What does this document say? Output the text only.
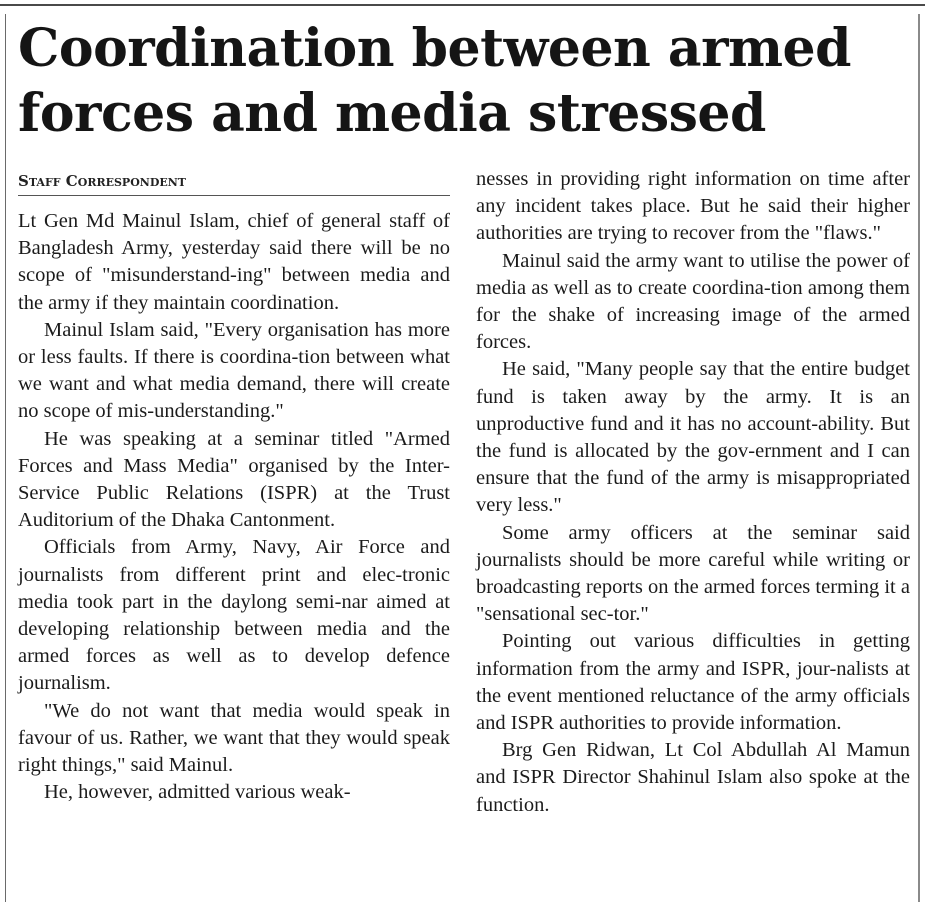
Coordination between armed forces and media stressed
Staff Correspondent

Lt Gen Md Mainul Islam, chief of general staff of Bangladesh Army, yesterday said there will be no scope of "misunderstand-ing" between media and the army if they maintain coordination.

Mainul Islam said, "Every organisation has more or less faults. If there is coordina-tion between what we want and what media demand, there will create no scope of mis-understanding."

He was speaking at a seminar titled "Armed Forces and Mass Media" organised by the Inter-Service Public Relations (ISPR) at the Trust Auditorium of the Dhaka Cantonment.

Officials from Army, Navy, Air Force and journalists from different print and elec-tronic media took part in the daylong semi-nar aimed at developing relationship between media and the armed forces as well as to develop defence journalism.

"We do not want that media would speak in favour of us. Rather, we want that they would speak right things," said Mainul.

He, however, admitted various weak-

nesses in providing right information on time after any incident takes place. But he said their higher authorities are trying to recover from the "flaws."

Mainul said the army want to utilise the power of media as well as to create coordina-tion among them for the shake of increasing image of the armed forces.

He said, "Many people say that the entire budget fund is taken away by the army. It is an unproductive fund and it has no account-ability. But the fund is allocated by the gov-ernment and I can ensure that the fund of the army is misappropriated very less."

Some army officers at the seminar said journalists should be more careful while writing or broadcasting reports on the armed forces terming it a "sensational sec-tor."

Pointing out various difficulties in getting information from the army and ISPR, jour-nalists at the event mentioned reluctance of the army officials and ISPR authorities to provide information.

Brg Gen Ridwan, Lt Col Abdullah Al Mamun and ISPR Director Shahinul Islam also spoke at the function.
